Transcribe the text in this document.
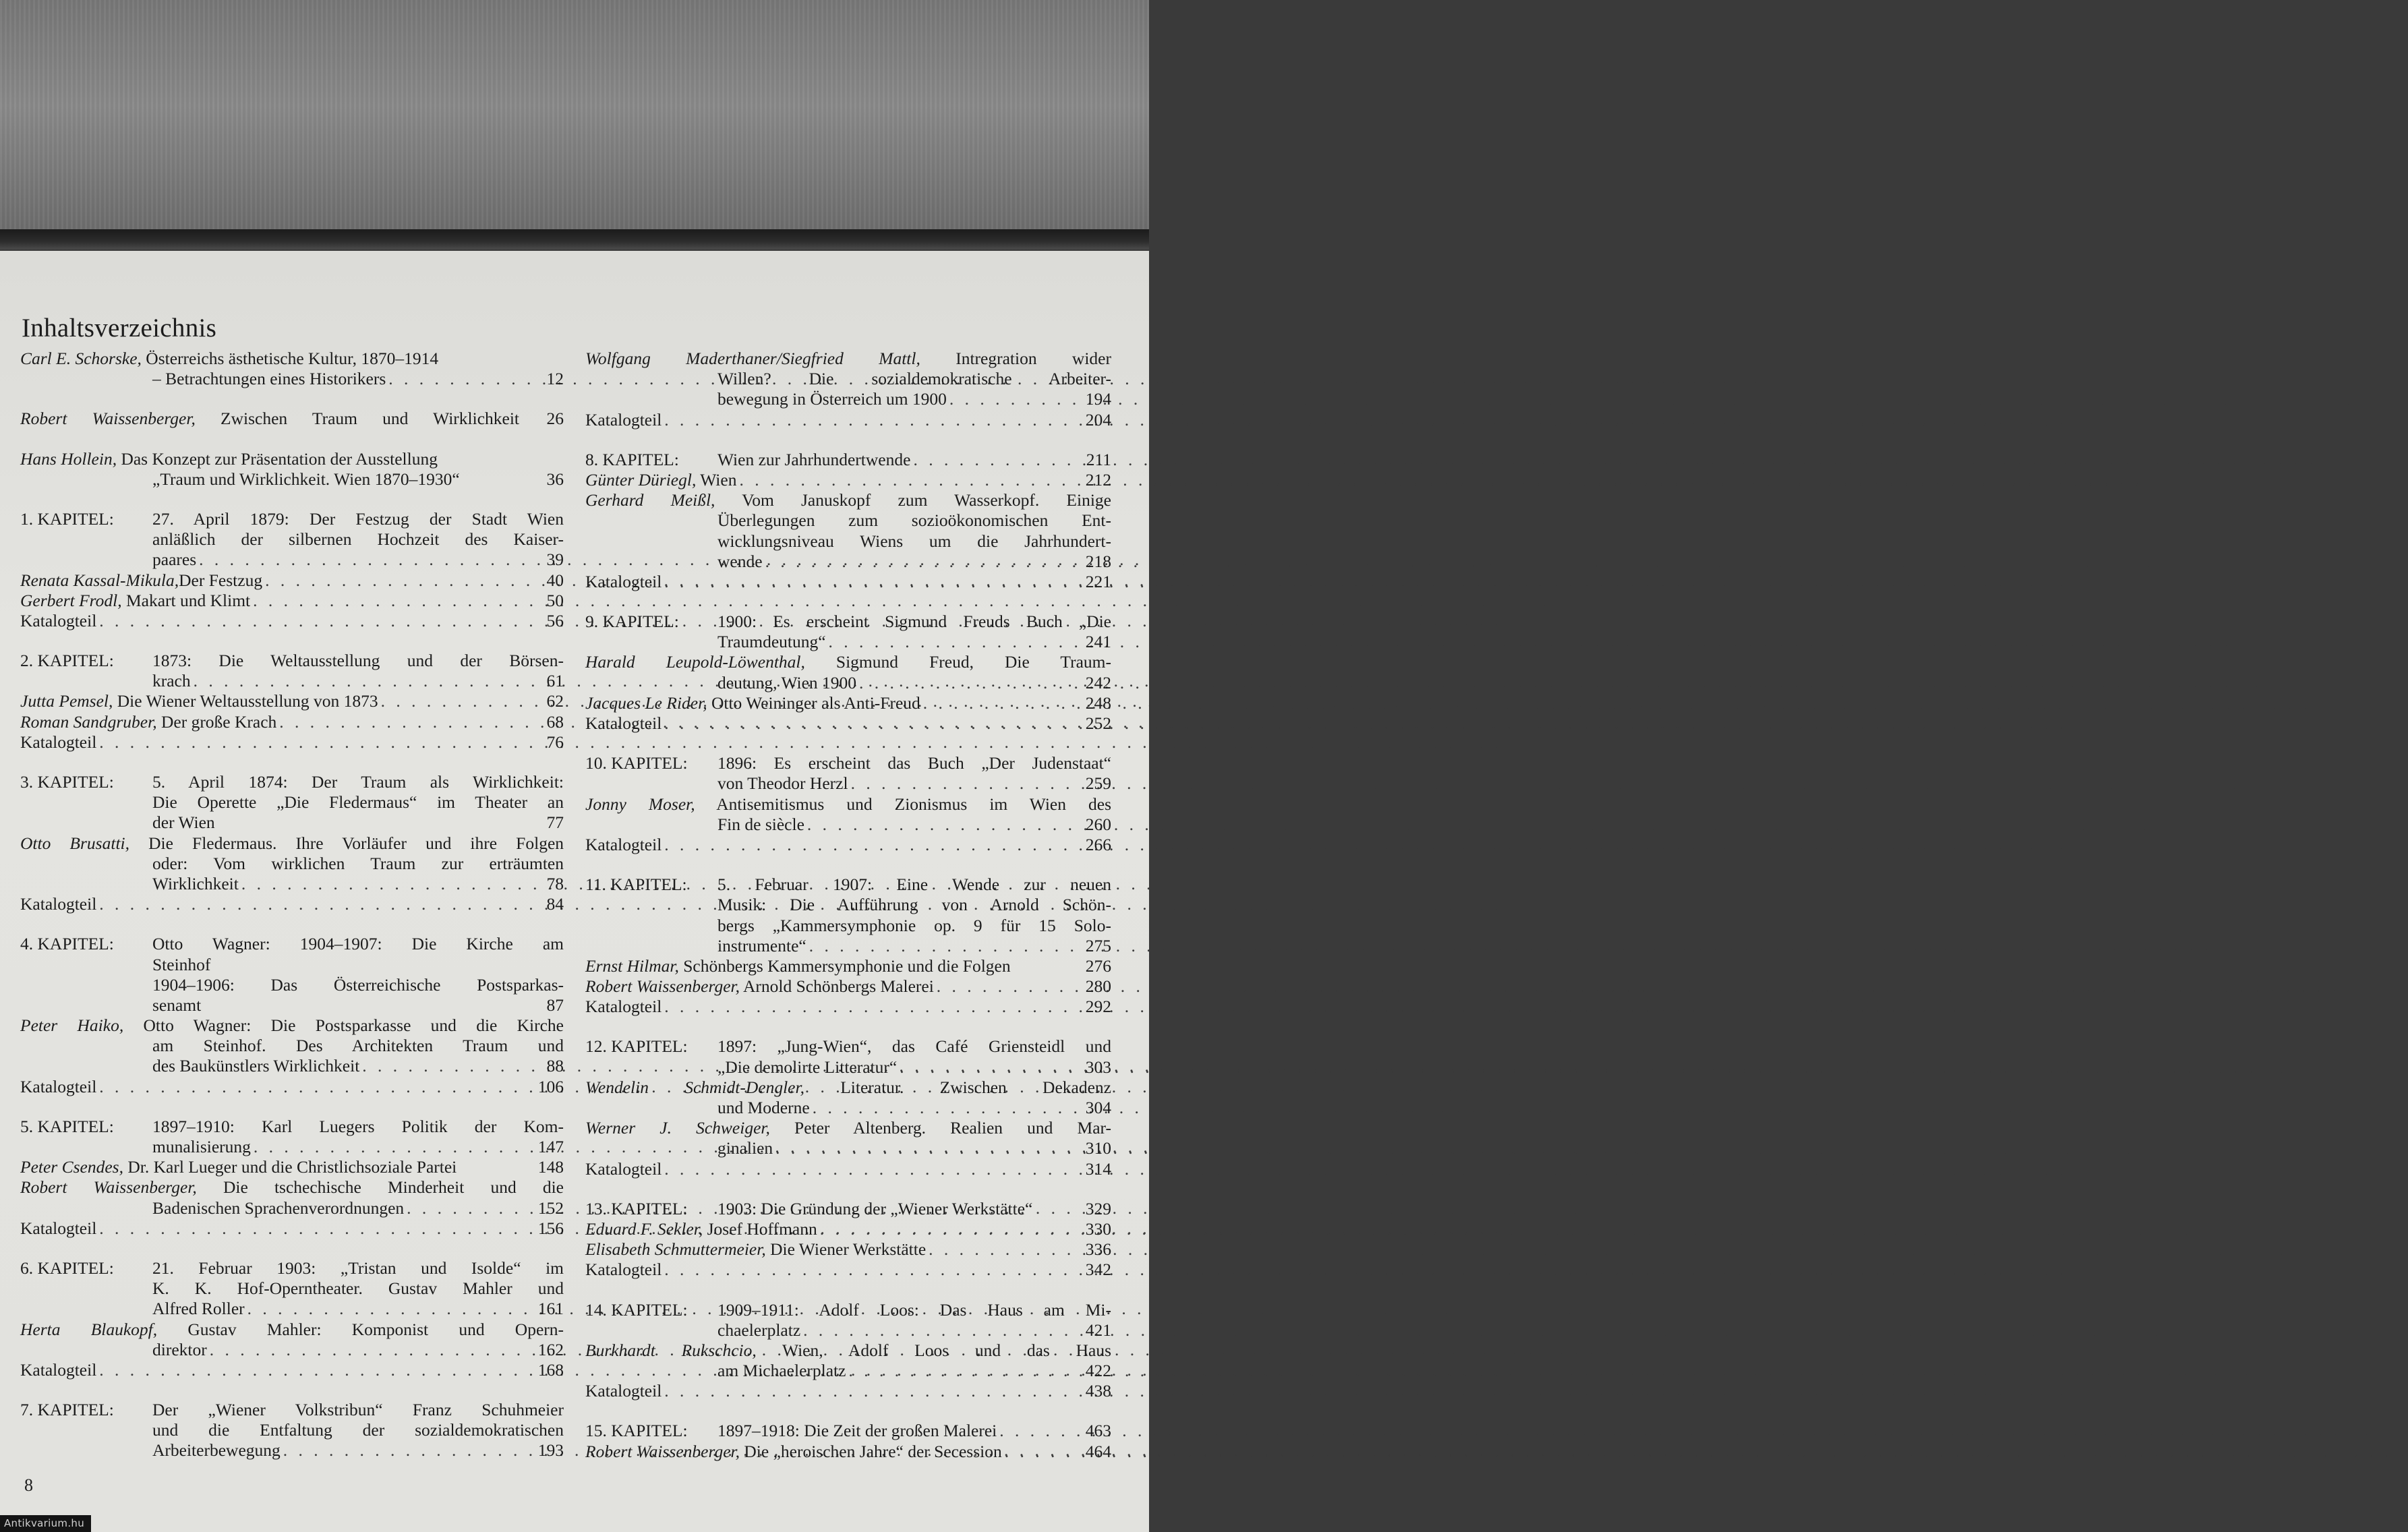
Inhaltsverzeichnis
Carl E. Schorske, Österreichs ästhetische Kultur, 1870–1914
– Betrachtungen eines Historikers . . .	12
Robert Waissenberger, Zwischen Traum und Wirklichkeit	26
Hans Hollein, Das Konzept zur Präsentation der Ausstellung
„Traum und Wirklichkeit. Wien 1870–1930“	36
1. KAPITEL:	27. April 1879: Der Festzug der Stadt Wien
anläßlich der silbernen Hochzeit des Kaiser-
paares . . .	39
Renata Kassal-Mikula,Der Festzug . . .	40
Gerbert Frodl, Makart und Klimt . . .	50
Katalogteil . . .	56
2. KAPITEL:	1873: Die Weltausstellung und der Börsen-
krach . . .	61
Jutta Pemsel, Die Wiener Weltausstellung von 1873 . . .	62
Roman Sandgruber, Der große Krach . . .	68
Katalogteil . . .	76
3. KAPITEL:	5. April 1874: Der Traum als Wirklichkeit:
Die Operette „Die Fledermaus“ im Theater an
der Wien	77
Otto Brusatti, Die Fledermaus. Ihre Vorläufer und ihre Folgen
oder: Vom wirklichen Traum zur erträumten
Wirklichkeit . . .	78
Katalogteil . . .	84
4. KAPITEL:	Otto Wagner: 1904–1907: Die Kirche am
Steinhof
1904–1906: Das Österreichische Postsparkas-
senamt	87
Peter Haiko, Otto Wagner: Die Postsparkasse und die Kirche
am Steinhof. Des Architekten Traum und
des Baukünstlers Wirklichkeit . . .	88
Katalogteil . . .	106
5. KAPITEL:	1897–1910: Karl Luegers Politik der Kom-
munalisierung . . .	147
Peter Csendes, Dr. Karl Lueger und die Christlichsoziale Partei	148
Robert Waissenberger, Die tschechische Minderheit und die
Badenischen Sprachenverordnungen . . .	152
Katalogteil . . .	156
6. KAPITEL:	21. Februar 1903: „Tristan und Isolde“ im
K. K. Hof-Operntheater. Gustav Mahler und
Alfred Roller . . .	161
Herta Blaukopf, Gustav Mahler: Komponist und Opern-
direktor . . .	162
Katalogteil . . .	168
7. KAPITEL:	Der „Wiener Volkstribun“ Franz Schuhmeier
und die Entfaltung der sozialdemokratischen
Arbeiterbewegung . . .	193
Wolfgang Maderthaner/Siegfried Mattl, Intregration wider
Willen? Die sozialdemokratische Arbeiter-
bewegung in Österreich um 1900 . . .	194
Katalogteil . . .	204
8. KAPITEL:	Wien zur Jahrhundertwende . . .	211
Günter Düriegl, Wien . . .	212
Gerhard Meißl, Vom Januskopf zum Wasserkopf. Einige
Überlegungen zum sozioökonomischen Ent-
wicklungsniveau Wiens um die Jahrhundert-
wende . . .	218
Katalogteil . . .	221
9. KAPITEL:	1900: Es erscheint Sigmund Freuds Buch „Die
Traumdeutung“ . . .	241
Harald Leupold-Löwenthal, Sigmund Freud, Die Traum-
deutung, Wien 1900 . . .	242
Jacques Le Rider, Otto Weininger als Anti-Freud . . .	248
Katalogteil . . .	252
10. KAPITEL:	1896: Es erscheint das Buch „Der Judenstaat“
von Theodor Herzl . . .	259
Jonny Moser, Antisemitismus und Zionismus im Wien des
Fin de siècle . . .	260
Katalogteil . . .	266
11. KAPITEL:	5. Februar 1907: Eine Wende zur neuen
Musik: Die Aufführung von Arnold Schön-
bergs „Kammersymphonie op. 9 für 15 Solo-
instrumente“ . . .	275
Ernst Hilmar, Schönbergs Kammersymphonie und die Folgen	276
Robert Waissenberger, Arnold Schönbergs Malerei . . .	280
Katalogteil . . .	292
12. KAPITEL:	1897: „Jung-Wien“, das Café Griensteidl und
„Die demolirte Litteratur“ . . .	303
Wendelin Schmidt-Dengler, Literatur. Zwischen Dekadenz
und Moderne . . .	304
Werner J. Schweiger, Peter Altenberg. Realien und Mar-
ginalien . . .	310
Katalogteil . . .	314
13. KAPITEL:	1903: Die Gründung der „Wiener Werkstätte“	329
Eduard F. Sekler, Josef Hoffmann . . .	330
Elisabeth Schmuttermeier, Die Wiener Werkstätte . . .	336
Katalogteil . . .	342
14. KAPITEL:	1909–1911: Adolf Loos: Das Haus am Mi-
chaelerplatz . . .	421
Burkhardt Rukschcio, Wien, Adolf Loos und das Haus
am Michaelerplatz . . .	422
Katalogteil . . .	438
15. KAPITEL:	1897–1918: Die Zeit der großen Malerei . . .	463
Robert Waissenberger, Die „heroischen Jahre“ der Secession . . .	464
8
Antikvarium.hu
